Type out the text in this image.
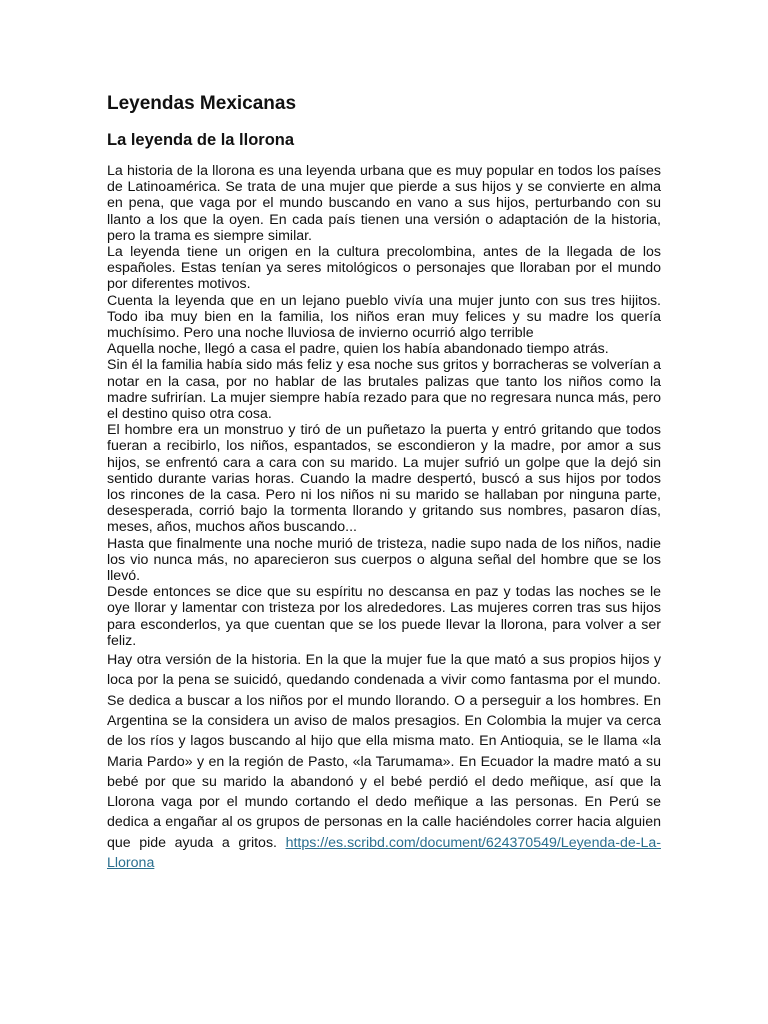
Leyendas Mexicanas
La leyenda de la llorona

La historia de la llorona es una leyenda urbana que es muy popular en todos los países de Latinoamérica. Se trata de una mujer que pierde a sus hijos y se convierte en alma en pena, que vaga por el mundo buscando en vano a sus hijos, perturbando con su llanto a los que la oyen. En cada país tienen una versión o adaptación de la historia, pero la trama es siempre similar.

La leyenda tiene un origen en la cultura precolombina, antes de la llegada de los españoles. Estas tenían ya seres mitológicos o personajes que lloraban por el mundo por diferentes motivos.

Cuenta la leyenda que en un lejano pueblo vivía una mujer junto con sus tres hijitos. Todo iba muy bien en la familia, los niños eran muy felices y su madre los quería muchísimo. Pero una noche lluviosa de invierno ocurrió algo terrible

Aquella noche, llegó a casa el padre, quien los había abandonado tiempo atrás.

Sin él la familia había sido más feliz y esa noche sus gritos y borracheras se volverían a notar en la casa, por no hablar de las brutales palizas que tanto los niños como la madre sufrirían. La mujer siempre había rezado para que no regresara nunca más, pero el destino quiso otra cosa.

El hombre era un monstruo y tiró de un puñetazo la puerta y entró gritando que todos fueran a recibirlo, los niños, espantados, se escondieron y la madre, por amor a sus hijos, se enfrentó cara a cara con su marido. La mujer sufrió un golpe que la dejó sin sentido durante varias horas. Cuando la madre despertó, buscó a sus hijos por todos los rincones de la casa. Pero ni los niños ni su marido se hallaban por ninguna parte, desesperada, corrió bajo la tormenta llorando y gritando sus nombres, pasaron días, meses, años, muchos años buscando...

Hasta que finalmente una noche murió de tristeza, nadie supo nada de los niños, nadie los vio nunca más, no aparecieron sus cuerpos o alguna señal del hombre que se los llevó.

Desde entonces se dice que su espíritu no descansa en paz y todas las noches se le oye llorar y lamentar con tristeza por los alrededores. Las mujeres corren tras sus hijos para esconderlos, ya que cuentan que se los puede llevar la llorona, para volver a ser feliz.

Hay otra versión de la historia. En la que la mujer fue la que mató a sus propios hijos y loca por la pena se suicidó, quedando condenada a vivir como fantasma por el mundo. Se dedica a buscar a los niños por el mundo llorando. O a perseguir a los hombres. En Argentina se la considera un aviso de malos presagios. En Colombia la mujer va cerca de los ríos y lagos buscando al hijo que ella misma mato. En Antioquia, se le llama «la Maria Pardo» y en la región de Pasto, «la Tarumama». En Ecuador la madre mató a su bebé por que su marido la abandonó y el bebé perdió el dedo meñique, así que la Llorona vaga por el mundo cortando el dedo meñique a las personas. En Perú se dedica a engañar al os grupos de personas en la calle haciéndoles correr hacia alguien que pide ayuda a gritos. https://es.scribd.com/document/624370549/Leyenda-de-La-Llorona
